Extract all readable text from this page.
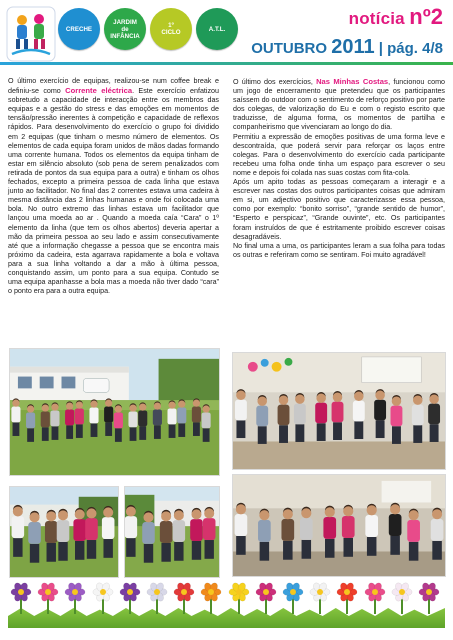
CRECHE
JARDIM
de
INFÂNCIA
1º
CICLO	A.T.L.
notícia nº2
OUTUBRO 2011 | pág. 4/8

O último exercício de equipas, realizou-se num coffee break e definiu-se como Corrente eléctrica. Este exercício enfatizou sobretudo a capacidade de interacção entre os membros das equipas e a gestão do stress e das emoções em momentos de tensão/pressão inerentes à competição e capacidade de reflexos rápidos. Para desenvolvimento do exercício o grupo foi dividido em 2 equipas (que tinham o mesmo número de elementos. Os elementos de cada equipa foram unidos de mãos dadas formando uma corrente humana. Todos os elementos da equipa tinham de estar em silêncio absoluto (sob pena de serem penalizados com retirada de pontos da sua equipa para a outra) e tinham os olhos fechados, excepto a primeira pessoa de cada linha que estava junto ao facilitador. No final das 2 correntes estava uma cadeira à mesma distância das 2 linhas humanas e onde foi colocada uma bola. No outro extremo das linhas estava um facilitador que lançou uma moeda ao ar . Quando a moeda caía “Cara” o 1º elemento da linha (que tem os olhos abertos) deveria apertar a mão da primeira pessoa ao seu lado e assim consecutivamente até que a informação chegasse a pessoa que se encontra mais próximo da cadeira, esta agarrava rapidamente a bola e voltava para a sua linha voltando a dar a mão à última pessoa, conquistando assim, um ponto para a sua equipa. Contudo se uma equipa apanhasse a bola mas a moeda não tiver dado “cara” o ponto era para a outra equipa.

O último dos exercícios, Nas Minhas Costas, funcionou como um jogo de encerramento que pretendeu que os participantes saíssem do outdoor com o sentimento de reforço positivo por parte dos colegas, de valorização do Eu e com o registo escrito que traduzisse, de alguma forma, os momentos de partilha e companheirismo que vivenciaram ao longo do dia.

Permitiu a expressão de emoções positivas de uma forma leve e descontraída, que poderá servir para reforçar os laços entre colegas. Para o desenvolvimento do exercício cada participante recebeu uma folha onde tinha um espaço para escrever o seu nome e depois foi colada nas suas costas com fita-cola.

Após um apito todas as pessoas começaram a interagir e a escrever nas costas dos outros participantes coisas que admiram em si, um adjectivo positivo que caracterizasse essa pessoa, como por exemplo: “bonito sorriso”, “grande sentido de humor”, “Esperto e perspicaz”, “Grande ouvinte”, etc. Os participantes foram instruídos de que é estritamente proibido escrever coisas desagradáveis.

No final uma a uma, os participantes leram a sua folha para todas os outras e referiram como se sentiram. Foi muito agradável!
